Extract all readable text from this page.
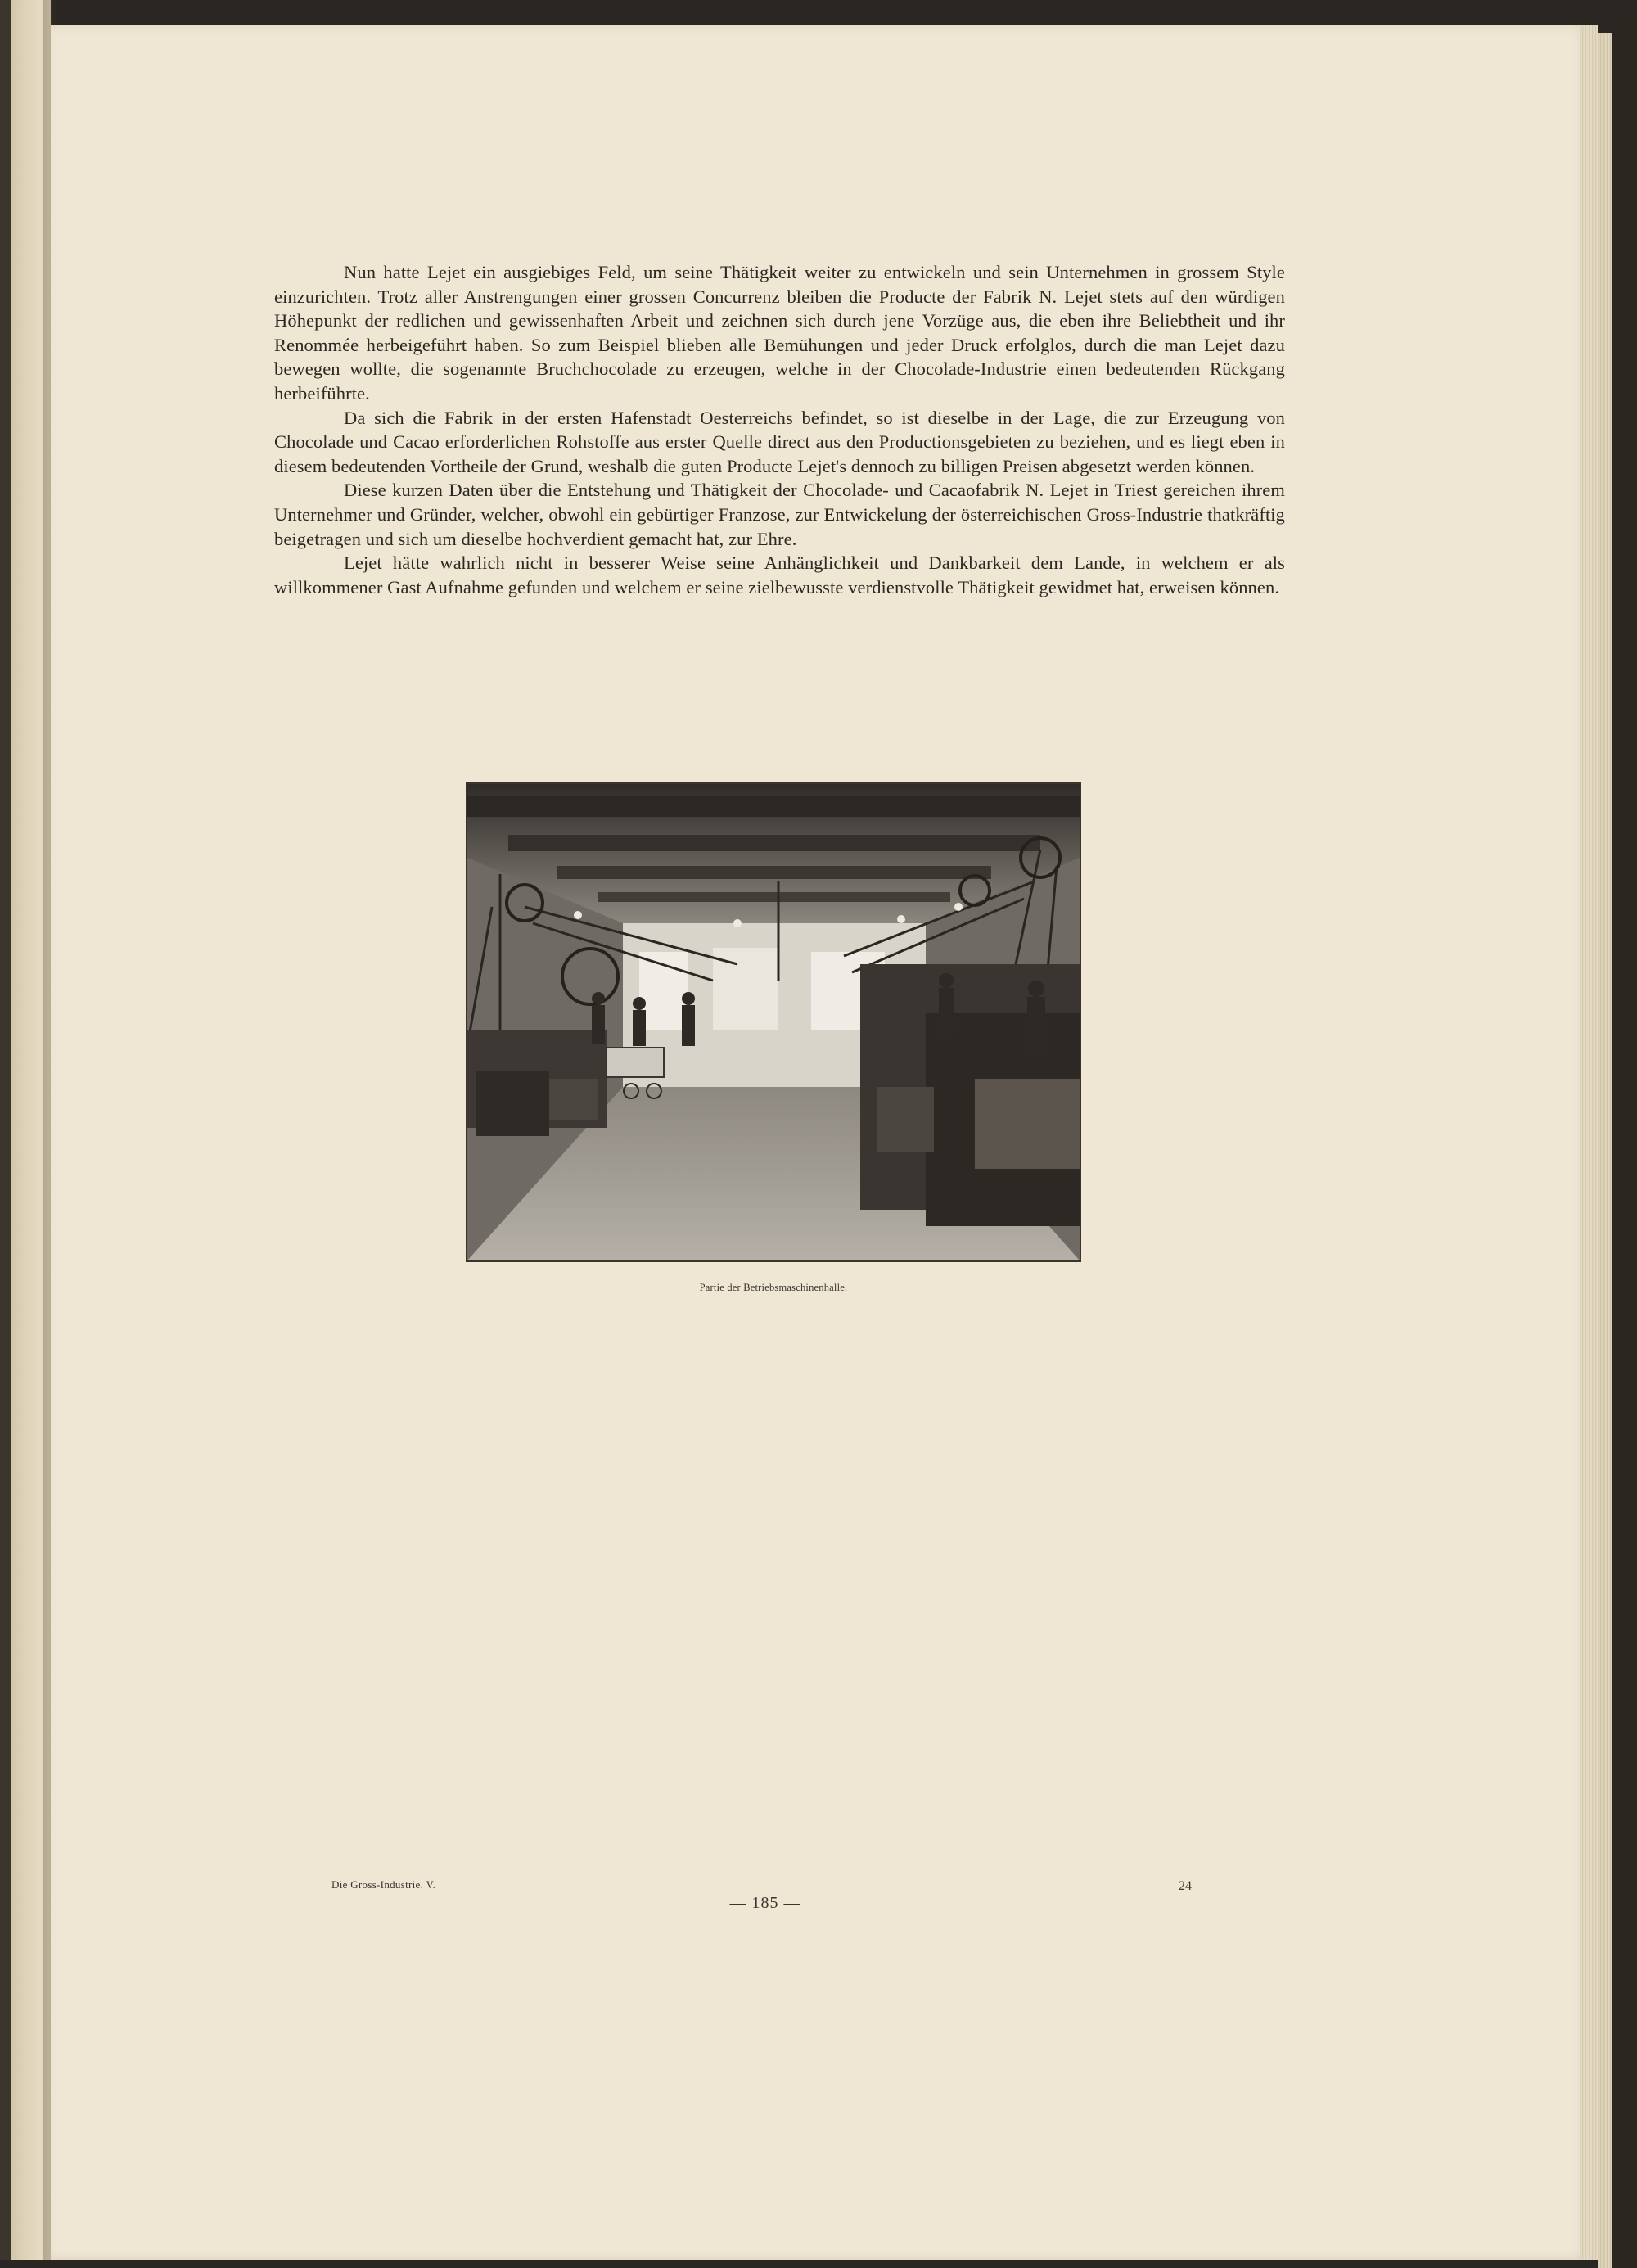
Nun hatte Lejet ein ausgiebiges Feld, um seine Thätigkeit weiter zu entwickeln und sein Unternehmen in grossem Style einzurichten. Trotz aller Anstrengungen einer grossen Concurrenz bleiben die Producte der Fabrik N. Lejet stets auf den würdigen Höhepunkt der redlichen und gewissenhaften Arbeit und zeichnen sich durch jene Vorzüge aus, die eben ihre Beliebtheit und ihr Renommée herbeigeführt haben. So zum Beispiel blieben alle Bemühungen und jeder Druck erfolglos, durch die man Lejet dazu bewegen wollte, die sogenannte Bruchchocolade zu erzeugen, welche in der Chocolade-Industrie einen bedeutenden Rückgang herbeiführte.

Da sich die Fabrik in der ersten Hafenstadt Oesterreichs befindet, so ist dieselbe in der Lage, die zur Erzeugung von Chocolade und Cacao erforderlichen Rohstoffe aus erster Quelle direct aus den Productionsgebieten zu beziehen, und es liegt eben in diesem bedeutenden Vortheile der Grund, weshalb die guten Producte Lejet's dennoch zu billigen Preisen abgesetzt werden können.

Diese kurzen Daten über die Entstehung und Thätigkeit der Chocolade- und Cacaofabrik N. Lejet in Triest gereichen ihrem Unternehmer und Gründer, welcher, obwohl ein gebürtiger Franzose, zur Entwickelung der österreichischen Gross-Industrie thatkräftig beigetragen und sich um dieselbe hochverdient gemacht hat, zur Ehre.

Lejet hätte wahrlich nicht in besserer Weise seine Anhänglichkeit und Dankbarkeit dem Lande, in welchem er als willkommener Gast Aufnahme gefunden und welchem er seine zielbewusste verdienstvolle Thätigkeit gewidmet hat, erweisen können.

Partie der Betriebsmaschinenhalle.
Die Gross-Industrie. V.
— 185 —
24
